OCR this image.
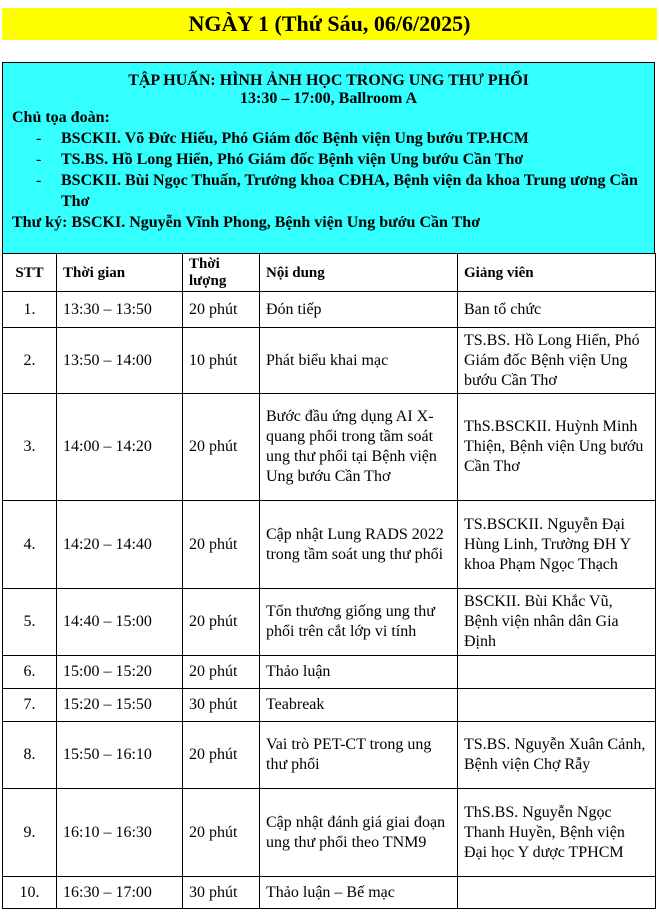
NGÀY 1 (Thứ Sáu, 06/6/2025)
TẬP HUẤN: HÌNH ẢNH HỌC TRONG UNG THƯ PHỔI
13:30 – 17:00, Ballroom A
Chủ tọa đoàn:
- BSCKII. Võ Đức Hiếu, Phó Giám đốc Bệnh viện Ung bướu TP.HCM
- TS.BS. Hồ Long Hiển, Phó Giám đốc Bệnh viện Ung bướu Cần Thơ
- BSCKII. Bùi Ngọc Thuấn, Trưởng khoa CĐHA, Bệnh viện đa khoa Trung ương Cần Thơ
Thư ký: BSCKI. Nguyễn Vĩnh Phong, Bệnh viện Ung bướu Cần Thơ
STT	Thời gian	Thời lượng	Nội dung	Giảng viên
1.	13:30 – 13:50	20 phút	Đón tiếp	Ban tổ chức
2.	13:50 – 14:00	10 phút	Phát biểu khai mạc	TS.BS. Hồ Long Hiển, Phó Giám đốc Bệnh viện Ung bướu Cần Thơ
3.	14:00 – 14:20	20 phút	Bước đầu ứng dụng AI X-quang phổi trong tầm soát ung thư phổi tại Bệnh viện Ung bướu Cần Thơ	ThS.BSCKII. Huỳnh Minh Thiện, Bệnh viện Ung bướu Cần Thơ
4.	14:20 – 14:40	20 phút	Cập nhật Lung RADS 2022 trong tầm soát ung thư phổi	TS.BSCKII. Nguyễn Đại Hùng Linh, Trường ĐH Y khoa Phạm Ngọc Thạch
5.	14:40 – 15:00	20 phút	Tổn thương giống ung thư phổi trên cắt lớp vi tính	BSCKII. Bùi Khắc Vũ, Bệnh viện nhân dân Gia Định
6.	15:00 – 15:20	20 phút	Thảo luận	
7.	15:20 – 15:50	30 phút	Teabreak	
8.	15:50 – 16:10	20 phút	Vai trò PET-CT trong ung thư phổi	TS.BS. Nguyễn Xuân Cảnh, Bệnh viện Chợ Rẫy
9.	16:10 – 16:30	20 phút	Cập nhật đánh giá giai đoạn ung thư phổi theo TNM9	ThS.BS. Nguyễn Ngọc Thanh Huyền, Bệnh viện Đại học Y dược TPHCM
10.	16:30 – 17:00	30 phút	Thảo luận – Bế mạc	
